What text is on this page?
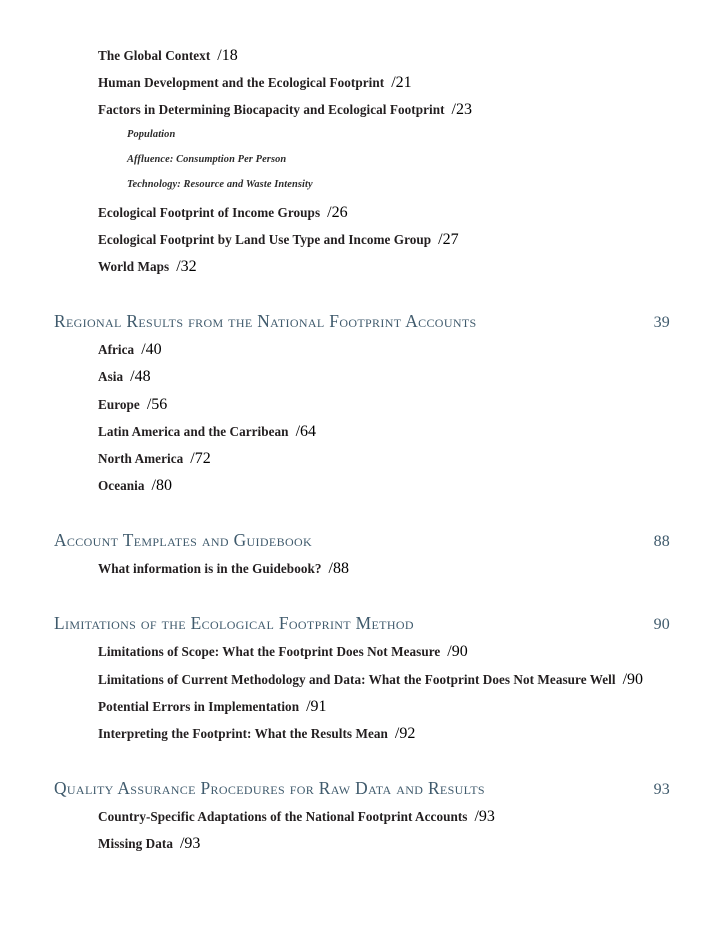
The Global Context /18
Human Development and the Ecological Footprint /21
Factors in Determining Biocapacity and Ecological Footprint /23
Population
Affluence: Consumption Per Person
Technology: Resource and Waste Intensity
Ecological Footprint of Income Groups /26
Ecological Footprint by Land Use Type and Income Group /27
World Maps /32
Regional Results from the National Footprint Accounts	39
Africa /40
Asia /48
Europe /56
Latin America and the Carribean /64
North America /72
Oceania /80
Account Templates and Guidebook	88
What information is in the Guidebook? /88
Limitations of the Ecological Footprint Method	90
Limitations of Scope: What the Footprint Does Not Measure /90
Limitations of Current Methodology and Data: What the Footprint Does Not Measure Well /90
Potential Errors in Implementation /91
Interpreting the Footprint: What the Results Mean /92
Quality Assurance Procedures for Raw Data and Results	93
Country-Specific Adaptations of the National Footprint Accounts /93
Missing Data /93
